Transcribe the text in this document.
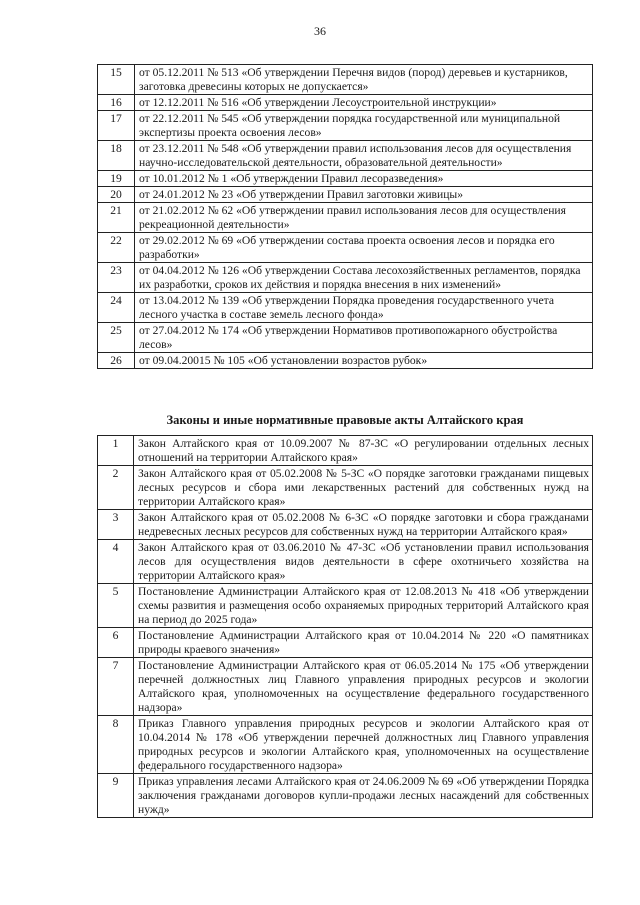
36
15	от 05.12.2011 № 513 «Об утверждении Перечня видов (пород) деревьев и кустарников, заготовка древесины которых не допускается»
16	от 12.12.2011 № 516 «Об утверждении Лесоустроительной инструкции»
17	от 22.12.2011 № 545 «Об утверждении порядка государственной или муниципальной экспертизы проекта освоения лесов»
18	от 23.12.2011 № 548 «Об утверждении правил использования лесов для осуществления научно-исследовательской деятельности, образовательной деятельности»
19	от 10.01.2012 № 1 «Об утверждении Правил лесоразведения»
20	от 24.01.2012 № 23 «Об утверждении Правил заготовки живицы»
21	от 21.02.2012 № 62 «Об утверждении правил использования лесов для осуществления рекреационной деятельности»
22	от 29.02.2012 № 69 «Об утверждении состава проекта освоения лесов и порядка его разработки»
23	от 04.04.2012 № 126 «Об утверждении Состава лесохозяйственных регламентов, порядка их разработки, сроков их действия и порядка внесения в них изменений»
24	от 13.04.2012 № 139 «Об утверждении Порядка проведения государственного учета лесного участка в составе земель лесного фонда»
25	от 27.04.2012 № 174 «Об утверждении Нормативов противопожарного обустройства лесов»
26	от 09.04.20015 № 105 «Об установлении возрастов рубок»
Законы и иные нормативные правовые акты Алтайского края
1	Закон Алтайского края от 10.09.2007 № 87-ЗС «О регулировании отдельных лесных отношений на территории Алтайского края»
2	Закон Алтайского края от 05.02.2008 № 5-ЗС «О порядке заготовки гражданами пищевых лесных ресурсов и сбора ими лекарственных растений для собственных нужд на территории Алтайского края»
3	Закон Алтайского края от 05.02.2008 № 6-ЗС «О порядке заготовки и сбора гражданами недревесных лесных ресурсов для собственных нужд на территории Алтайского края»
4	Закон Алтайского края от 03.06.2010 № 47-ЗС «Об установлении правил использования лесов для осуществления видов деятельности в сфере охотничьего хозяйства на территории Алтайского края»
5	Постановление Администрации Алтайского края от 12.08.2013 № 418 «Об утверждении схемы развития и размещения особо охраняемых природных территорий Алтайского края на период до 2025 года»
6	Постановление Администрации Алтайского края от 10.04.2014 № 220 «О памятниках природы краевого значения»
7	Постановление Администрации Алтайского края от 06.05.2014 № 175 «Об утверждении перечней должностных лиц Главного управления природных ресурсов и экологии Алтайского края, уполномоченных на осуществление федерального государственного надзора»
8	Приказ Главного управления природных ресурсов и экологии Алтайского края от 10.04.2014 № 178 «Об утверждении перечней должностных лиц Главного управления природных ресурсов и экологии Алтайского края, уполномоченных на осуществление федерального государственного надзора»
9	Приказ управления лесами Алтайского края от 24.06.2009 № 69 «Об утверждении Порядка заключения гражданами договоров купли-продажи лесных насаждений для собственных нужд»
